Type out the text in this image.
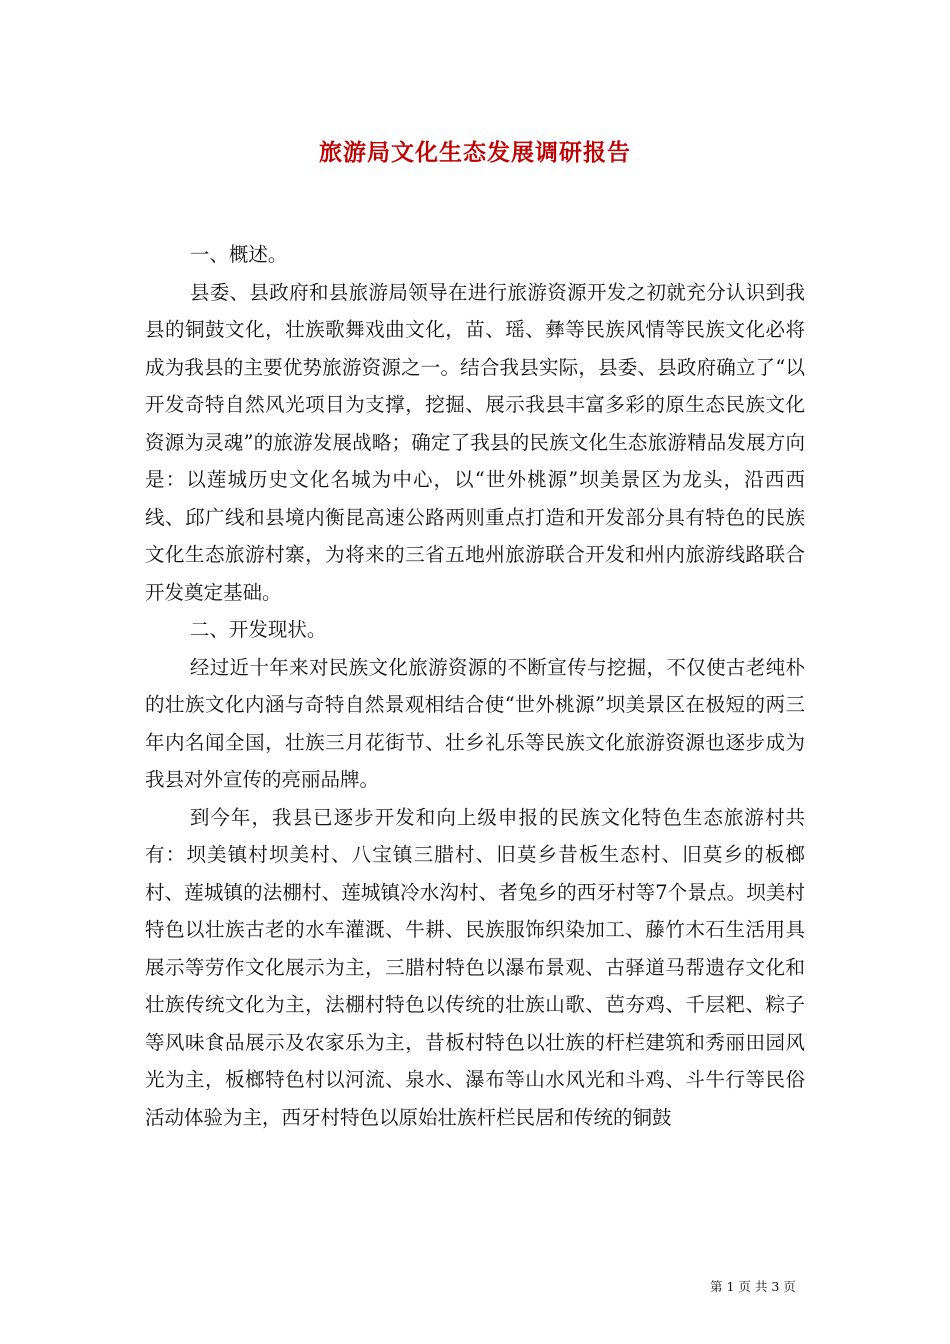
旅游局文化生态发展调研报告

一、概述。

县委、县政府和县旅游局领导在进行旅游资源开发之初就充分认识到我县的铜鼓文化，壮族歌舞戏曲文化，苗、瑶、彝等民族风情等民族文化必将成为我县的主要优势旅游资源之一。结合我县实际，县委、县政府确立了“以开发奇特自然风光项目为支撑，挖掘、展示我县丰富多彩的原生态民族文化资源为灵魂”的旅游发展战略；确定了我县的民族文化生态旅游精品发展方向是：以莲城历史文化名城为中心，以“世外桃源”坝美景区为龙头，沿西西线、邱广线和县境内衡昆高速公路两则重点打造和开发部分具有特色的民族文化生态旅游村寨，为将来的三省五地州旅游联合开发和州内旅游线路联合开发奠定基础。

二、开发现状。

经过近十年来对民族文化旅游资源的不断宣传与挖掘，不仅使古老纯朴的壮族文化内涵与奇特自然景观相结合使“世外桃源”坝美景区在极短的两三年内名闻全国，壮族三月花街节、壮乡礼乐等民族文化旅游资源也逐步成为我县对外宣传的亮丽品牌。

到今年，我县已逐步开发和向上级申报的民族文化特色生态旅游村共有：坝美镇村坝美村、八宝镇三腊村、旧莫乡昔板生态村、旧莫乡的板榔村、莲城镇的法棚村、莲城镇冷水沟村、者兔乡的西牙村等7个景点。坝美村特色以壮族古老的水车灌溉、牛耕、民族服饰织染加工、藤竹木石生活用具展示等劳作文化展示为主，三腊村特色以瀑布景观、古驿道马帮遗存文化和壮族传统文化为主，法棚村特色以传统的壮族山歌、芭夯鸡、千层粑、粽子等风味食品展示及农家乐为主，昔板村特色以壮族的杆栏建筑和秀丽田园风光为主，板榔特色村以河流、泉水、瀑布等山水风光和斗鸡、斗牛行等民俗活动体验为主，西牙村特色以原始壮族杆栏民居和传统的铜鼓

第 1 页 共 3 页
